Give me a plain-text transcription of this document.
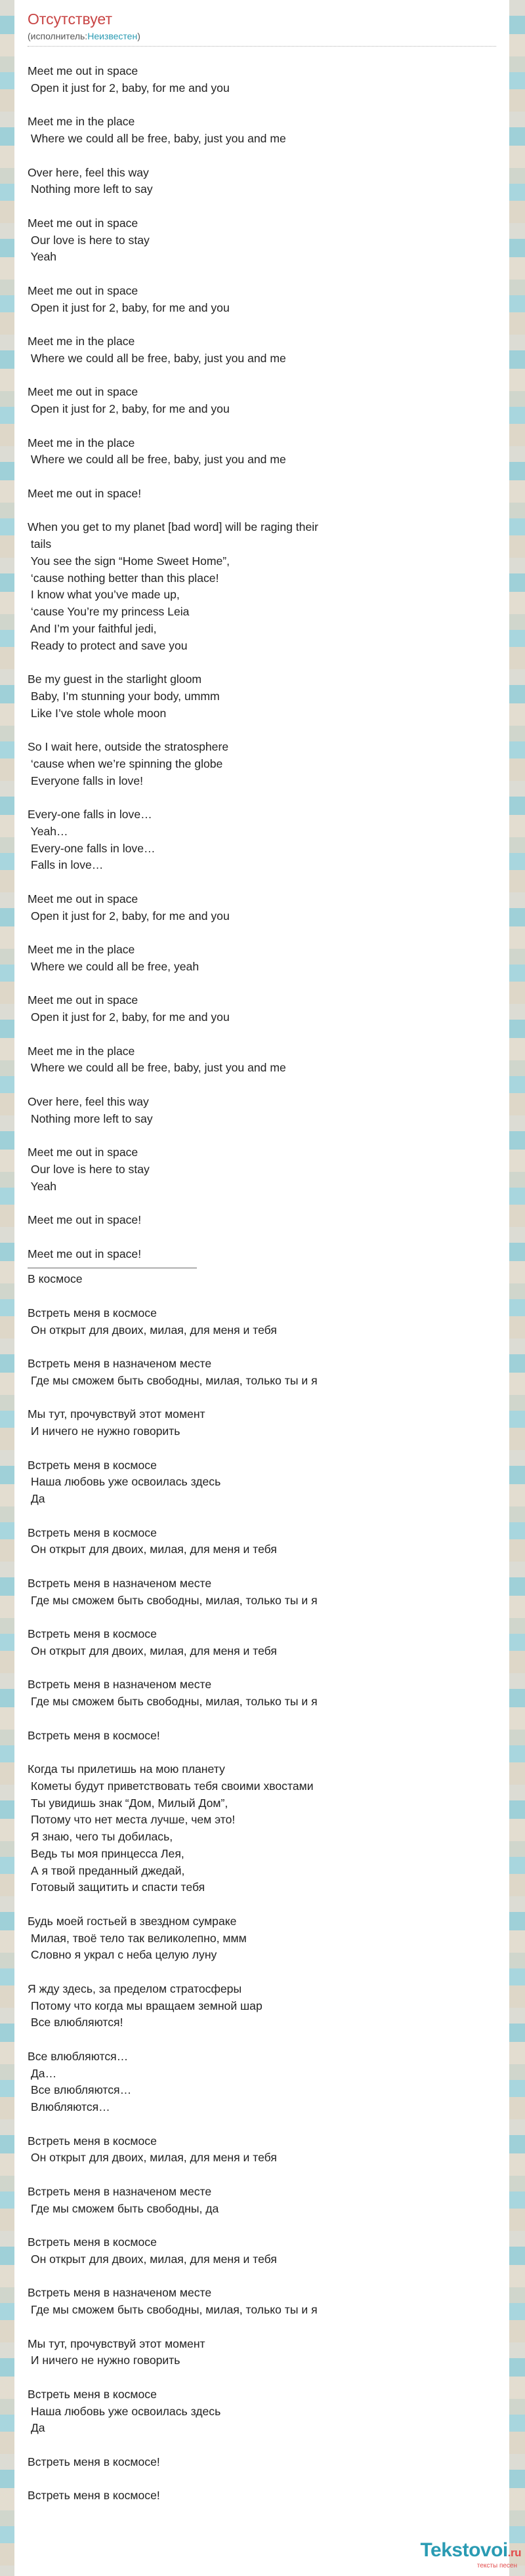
Отсутствует
(исполнитель:Неизвестен)
Meet me out in space
Open it just for 2, baby, for me and you

Meet me in the place
Where we could all be free, baby, just you and me

Over here, feel this way
Nothing more left to say

Meet me out in space
Our love is here to stay
Yeah

Meet me out in space
Open it just for 2, baby, for me and you

Meet me in the place
Where we could all be free, baby, just you and me

Meet me out in space
Open it just for 2, baby, for me and you

Meet me in the place
Where we could all be free, baby, just you and me

Meet me out in space!

When you get to my planet [bad word] will be raging their
tails
You see the sign “Home Sweet Home”,
‘cause nothing better than this place!
I know what you’ve made up,
‘cause You’re my princess Leia
And I’m your faithful jedi,
Ready to protect and save you

Be my guest in the starlight gloom
Baby, I’m stunning your body, ummm
Like I’ve stole whole moon

So I wait here, outside the stratosphere
‘cause when we’re spinning the globe
Everyone falls in love!

Every-one falls in love…
Yeah…
Every-one falls in love…
Falls in love…

Meet me out in space
Open it just for 2, baby, for me and you

Meet me in the place
Where we could all be free, yeah

Meet me out in space
Open it just for 2, baby, for me and you

Meet me in the place
Where we could all be free, baby, just you and me

Over here, feel this way
Nothing more left to say

Meet me out in space
Our love is here to stay
Yeah

Meet me out in space!

Meet me out in space!
В космосе

Встреть меня в космосе
Он открыт для двоих, милая, для меня и тебя

Встреть меня в назначеном месте
Где мы сможем быть свободны, милая, только ты и я

Мы тут, прочувствуй этот момент
И ничего не нужно говорить

Встреть меня в космосе
Наша любовь уже освоилась здесь
Да

Встреть меня в космосе
Он открыт для двоих, милая, для меня и тебя

Встреть меня в назначеном месте
Где мы сможем быть свободны, милая, только ты и я

Встреть меня в космосе
Он открыт для двоих, милая, для меня и тебя

Встреть меня в назначеном месте
Где мы сможем быть свободны, милая, только ты и я

Встреть меня в космосе!

Когда ты прилетишь на мою планету
Кометы будут приветствовать тебя своими хвостами
Ты увидишь знак “Дом, Милый Дом”,
Потому что нет места лучше, чем это!
Я знаю, чего ты добилась,
Ведь ты моя принцесса Лея,
А я твой преданный джедай,
Готовый защитить и спасти тебя

Будь моей гостьей в звездном сумраке
Милая, твоё тело так великолепно, ммм
Словно я украл с неба целую луну

Я жду здесь, за пределом стратосферы
Потому что когда мы вращаем земной шар
Все влюбляются!

Все влюбляются…
Да…
Все влюбляются…
Влюбляются…

Встреть меня в космосе
Он открыт для двоих, милая, для меня и тебя

Встреть меня в назначеном месте
Где мы сможем быть свободны, да

Встреть меня в космосе
Он открыт для двоих, милая, для меня и тебя

Встреть меня в назначеном месте
Где мы сможем быть свободны, милая, только ты и я

Мы тут, прочувствуй этот момент
И ничего не нужно говорить

Встреть меня в космосе
Наша любовь уже освоилась здесь
Да

Встреть меня в космосе!

Встреть меня в космосе!
Tekstovoi.ru
тексты песен
